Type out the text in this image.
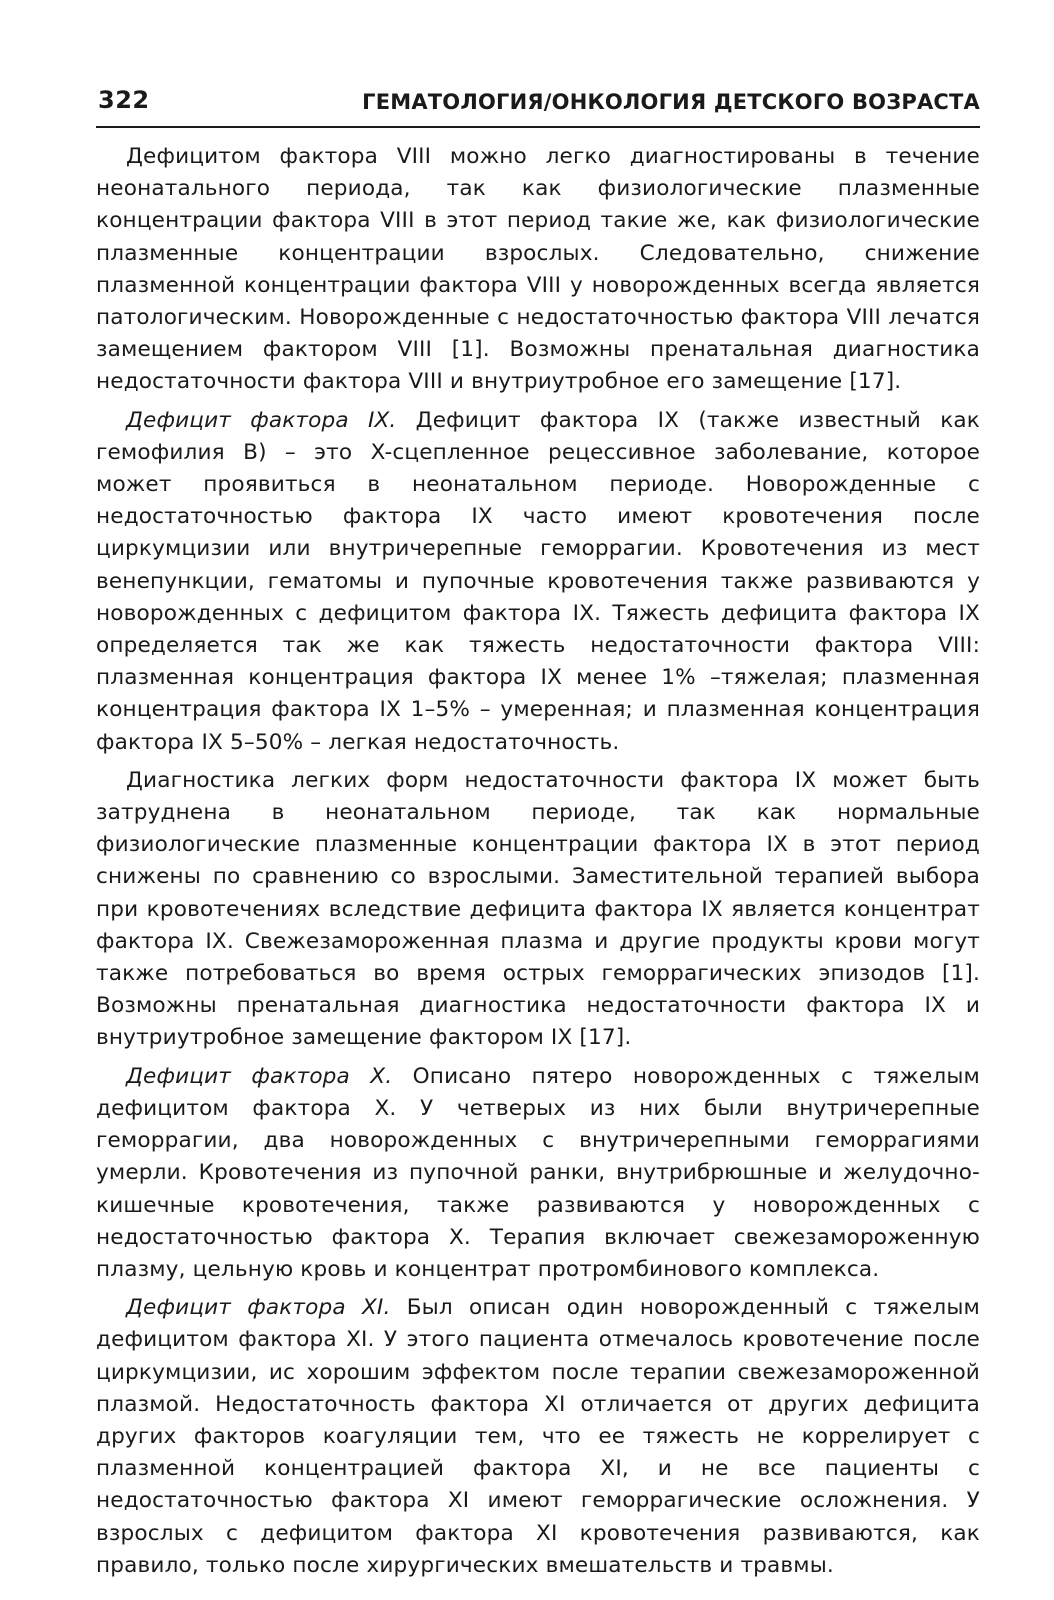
322	ГЕМАТОЛОГИЯ/ОНКОЛОГИЯ ДЕТСКОГО ВОЗРАСТА

Дефицитом фактора VIII можно легко диагностированы в течение неонатального периода, так как физиологические плазменные концентрации фактора VIII в этот период такие же, как физиологические плазменные концентрации взрослых. Следовательно, снижение плазменной концентрации фактора VIII у новорожденных всегда является патологическим. Новорожденные с недостаточностью фактора VIII лечатся замещением фактором VIII [1]. Возможны пренатальная диагностика недостаточности фактора VIII и внутриутробное его замещение [17].

Дефицит фактора IX. Дефицит фактора IX (также известный как гемофилия B) – это X-сцепленное рецессивное заболевание, которое может проявиться в неонатальном периоде. Новорожденные с недостаточностью фактора IX часто имеют кровотечения после циркумцизии или внутричерепные геморрагии. Кровотечения из мест венепункции, гематомы и пупочные кровотечения также развиваются у новорожденных с дефицитом фактора IX. Тяжесть дефицита фактора IX определяется так же как тяжесть недостаточности фактора VIII: плазменная концентрация фактора IX менее 1% –тяжелая; плазменная концентрация фактора IX 1–5% – умеренная; и плазменная концентрация фактора IX 5–50% – легкая недостаточность.

Диагностика легких форм недостаточности фактора IX может быть затруднена в неонатальном периоде, так как нормальные физиологические плазменные концентрации фактора IX в этот период снижены по сравнению со взрослыми. Заместительной терапией выбора при кровотечениях вследствие дефицита фактора IX является концентрат фактора IX. Свежезамороженная плазма и другие продукты крови могут также потребоваться во время острых геморрагических эпизодов [1]. Возможны пренатальная диагностика недостаточности фактора IX и внутриутробное замещение фактором IX [17].

Дефицит фактора X. Описано пятеро новорожденных с тяжелым дефицитом фактора X. У четверых из них были внутричерепные геморрагии, два новорожденных с внутричерепными геморрагиями умерли. Кровотечения из пупочной ранки, внутрибрюшные и желудочно-кишечные кровотечения, также развиваются у новорожденных с недостаточностью фактора X. Терапия включает свежезамороженную плазму, цельную кровь и концентрат протромбинового комплекса.

Дефицит фактора XI. Был описан один новорожденный с тяжелым дефицитом фактора XI. У этого пациента отмечалось кровотечение после циркумцизии, ис хорошим эффектом после терапии свежезамороженной плазмой. Недостаточность фактора XI отличается от других дефицита других факторов коагуляции тем, что ее тяжесть не коррелирует с плазменной концентрацией фактора XI, и не все пациенты с недостаточностью фактора XI имеют геморрагические осложнения. У взрослых с дефицитом фактора XI кровотечения развиваются, как правило, только после хирургических вмешательств и травмы.
